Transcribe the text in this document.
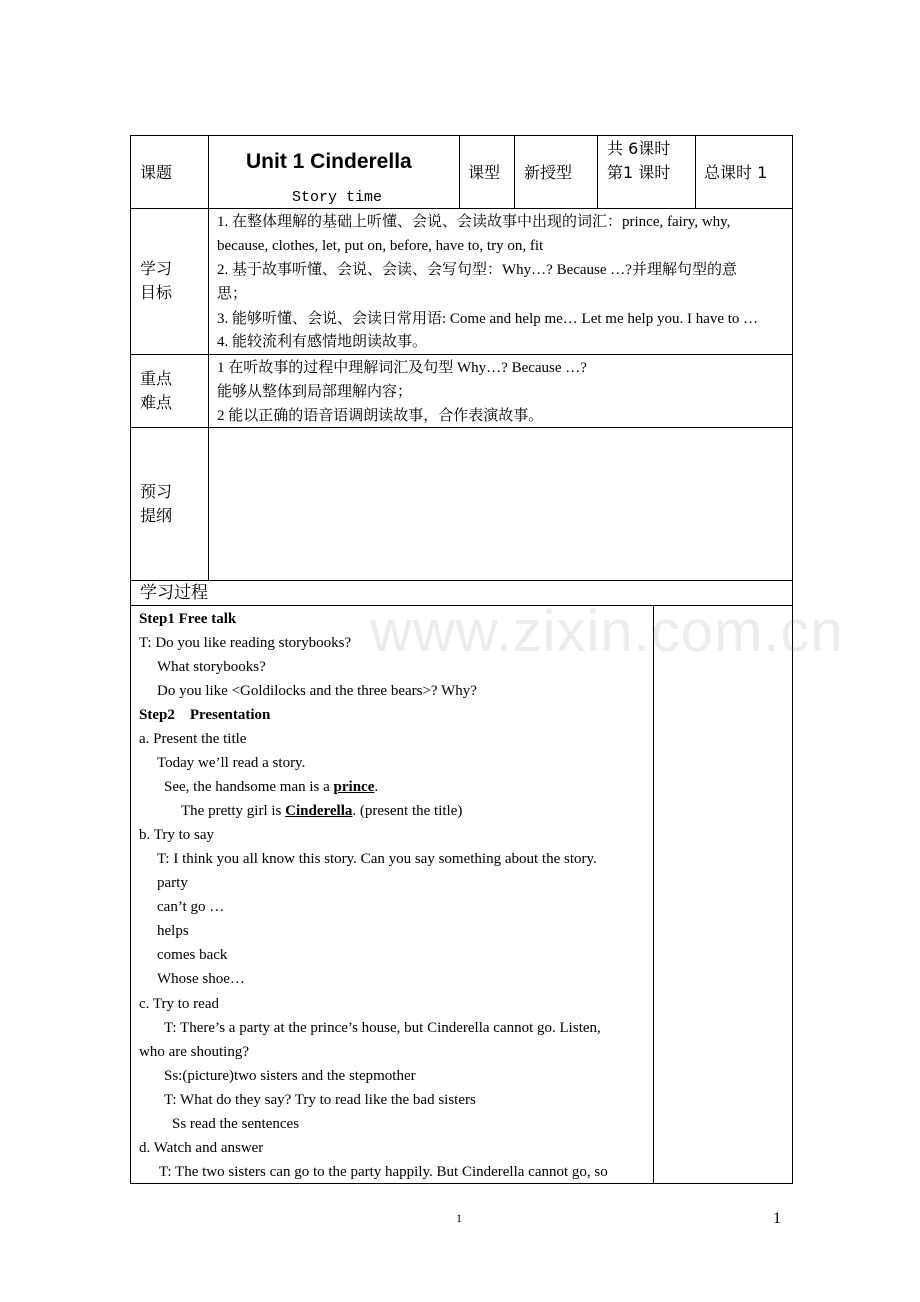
课题	Unit 1 Cinderella
Story time
课型 新授型
共 6课时
第1 课时 总课时 1
学习
目标
1. 在整体理解的基础上听懂、会说、会读故事中出现的词汇：prince, fairy, why,
because, clothes, let, put on, before, have to, try on, fit
2. 基于故事听懂、会说、会读、会写句型：Why…? Because …?并理解句型的意
思；
3. 能够听懂、会说、会读日常用语: Come and help me… Let me help you. I have to …
4. 能较流利有感情地朗读故事。
重点
难点
1 在听故事的过程中理解词汇及句型 Why…? Because …?
能够从整体到局部理解内容；
2 能以正确的语音语调朗读故事，合作表演故事。
预习
提纲
学习过程
Step1 Free talk
T: Do you like reading storybooks?
What storybooks?
Do you like <Goldilocks and the three bears>? Why?
Step2    Presentation
a. Present the title
Today we’ll read a story.
See, the handsome man is a prince.
The pretty girl is Cinderella. (present the title)
b. Try to say
T: I think you all know this story. Can you say something about the story.
party
can’t go …
helps
comes back
Whose shoe…
c. Try to read
T: There’s a party at the prince’s house, but Cinderella cannot go. Listen,
who are shouting?
Ss:(picture)two sisters and the stepmother
T: What do they say? Try to read like the bad sisters
Ss read the sentences
d. Watch and answer
T: The two sisters can go to the party happily. But Cinderella cannot go, so
www.zixin.com.cn
1	1
